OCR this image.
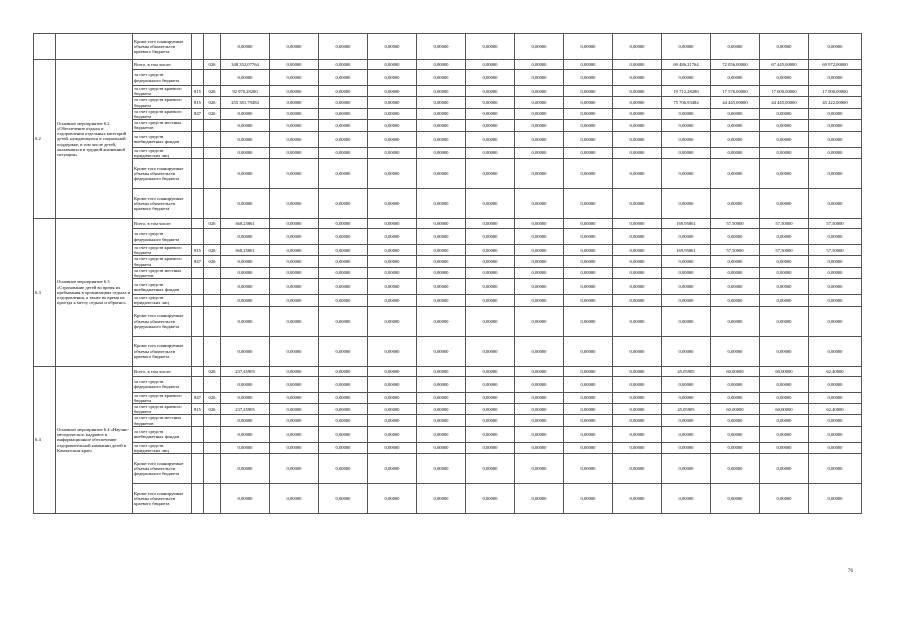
		Кроме того планируемые объемы обязательств краевого бюджета			0,00000	0,00000	0,00000	0,00000	0,00000	0,00000	0,00000	0,00000	0,00000	0,00000	0,00000	0,00000	0,00000
6.2	Основное мероприятие 6.2 «Обеспечение отдыха и оздоровления отдельных категорий детей, нуждающихся в социальной поддержке, в том числе детей, оказавшихся в трудной жизненной ситуации»	Всего, в том числе:		026	348 352,07764	0,00000	0,00000	0,00000	0,00000	0,00000	0,00000	0,00000	0,00000	69 486,21764	72 056,00000	67 445,00000	69 972,00000
		за счет средств федерального бюджета			0,00000	0,00000	0,00000	0,00000	0,00000	0,00000	0,00000	0,00000	0,00000	0,00000	0,00000	0,00000	0,00000
		за счет средств краевого бюджета	815	026	92 970,28280	0,00000	0,00000	0,00000	0,00000	0,00000	0,00000	0,00000	0,00000	19 712,28280	17 576,00000	17 000,00000	17 000,00000
		за счет средств краевого бюджета	815	026	255 381,79484	0,00000	0,00000	0,00000	0,00000	0,00000	0,00000	0,00000	0,00000	75 706,93484	44 445,00000	44 445,00000	45 222,00000
		за счет средств краевого бюджета	847	026	0,00000	0,00000	0,00000	0,00000	0,00000	0,00000	0,00000	0,00000	0,00000	0,00000	0,00000	0,00000	0,00000
		за счет средств местных бюджетов			0,00000	0,00000	0,00000	0,00000	0,00000	0,00000	0,00000	0,00000	0,00000	0,00000	0,00000	0,00000	0,00000
		за счет средств внебюджетных фондов			0,00000	0,00000	0,00000	0,00000	0,00000	0,00000	0,00000	0,00000	0,00000	0,00000	0,00000	0,00000	0,00000
		за счет средств юридических лиц			0,00000	0,00000	0,00000	0,00000	0,00000	0,00000	0,00000	0,00000	0,00000	0,00000	0,00000	0,00000	0,00000
		Кроме того планируемые объемы обязательств федерального бюджета			0,00000	0,00000	0,00000	0,00000	0,00000	0,00000	0,00000	0,00000	0,00000	0,00000	0,00000	0,00000	0,00000
		Кроме того планируемые объемы обязательств краевого бюджета			0,00000	0,00000	0,00000	0,00000	0,00000	0,00000	0,00000	0,00000	0,00000	0,00000	0,00000	0,00000	0,00000
6.3	Основное мероприятие 6.3 «Страхование детей во время их пребывания в организациях отдыха и оздоровления, а также во время их проезда к месту отдыха и обратно»	Всего, в том числе:		026	360,25861	0,00000	0,00000	0,00000	0,00000	0,00000	0,00000	0,00000	0,00000	169,95861	57,50000	57,50000	57,50000
		за счет средств федерального бюджета			0,00000	0,00000	0,00000	0,00000	0,00000	0,00000	0,00000	0,00000	0,00000	0,00000	0,00000	0,00000	0,00000
		за счет средств краевого бюджета	815	026	360,25861	0,00000	0,00000	0,00000	0,00000	0,00000	0,00000	0,00000	0,00000	169,95861	57,50000	57,50000	57,50000
		за счет средств краевого бюджета	847	026	0,00000	0,00000	0,00000	0,00000	0,00000	0,00000	0,00000	0,00000	0,00000	0,00000	0,00000	0,00000	0,00000
		за счет средств местных бюджетов			0,00000	0,00000	0,00000	0,00000	0,00000	0,00000	0,00000	0,00000	0,00000	0,00000	0,00000	0,00000	0,00000
		за счет средств внебюджетных фондов			0,00000	0,00000	0,00000	0,00000	0,00000	0,00000	0,00000	0,00000	0,00000	0,00000	0,00000	0,00000	0,00000
		за счет средств юридических лиц			0,00000	0,00000	0,00000	0,00000	0,00000	0,00000	0,00000	0,00000	0,00000	0,00000	0,00000	0,00000	0,00000
		Кроме того планируемые объемы обязательств федерального бюджета			0,00000	0,00000	0,00000	0,00000	0,00000	0,00000	0,00000	0,00000	0,00000	0,00000	0,00000	0,00000	0,00000
		Кроме того планируемые объемы обязательств краевого бюджета			0,00000	0,00000	0,00000	0,00000	0,00000	0,00000	0,00000	0,00000	0,00000	0,00000	0,00000	0,00000	0,00000
6.4	Основное мероприятие 6.4 «Научно-методическое, кадровое и информационное обеспечение оздоровительной кампании детей в Камчатском крае»	Всего, в том числе:		026	237,45905	0,00000	0,00000	0,00000	0,00000	0,00000	0,00000	0,00000	0,00000	45,05905	60,00000	60,00000	62,40000
		за счет средств федерального бюджета			0,00000	0,00000	0,00000	0,00000	0,00000	0,00000	0,00000	0,00000	0,00000	0,00000	0,00000	0,00000	0,00000
		за счет средств краевого бюджета	847	026	0,00000	0,00000	0,00000	0,00000	0,00000	0,00000	0,00000	0,00000	0,00000	0,00000	0,00000	0,00000	0,00000
		за счет средств краевого бюджета	815	026	237,45905	0,00000	0,00000	0,00000	0,00000	0,00000	0,00000	0,00000	0,00000	45,05905	60,00000	60,00000	62,40000
		за счет средств местных бюджетов			0,00000	0,00000	0,00000	0,00000	0,00000	0,00000	0,00000	0,00000	0,00000	0,00000	0,00000	0,00000	0,00000
		за счет средств внебюджетных фондов			0,00000	0,00000	0,00000	0,00000	0,00000	0,00000	0,00000	0,00000	0,00000	0,00000	0,00000	0,00000	0,00000
		за счет средств юридических лиц			0,00000	0,00000	0,00000	0,00000	0,00000	0,00000	0,00000	0,00000	0,00000	0,00000	0,00000	0,00000	0,00000
		Кроме того планируемые объемы обязательств федерального бюджета			0,00000	0,00000	0,00000	0,00000	0,00000	0,00000	0,00000	0,00000	0,00000	0,00000	0,00000	0,00000	0,00000
		Кроме того планируемые объемы обязательств краевого бюджета			0,00000	0,00000	0,00000	0,00000	0,00000	0,00000	0,00000	0,00000	0,00000	0,00000	0,00000	0,00000	0,00000
76
